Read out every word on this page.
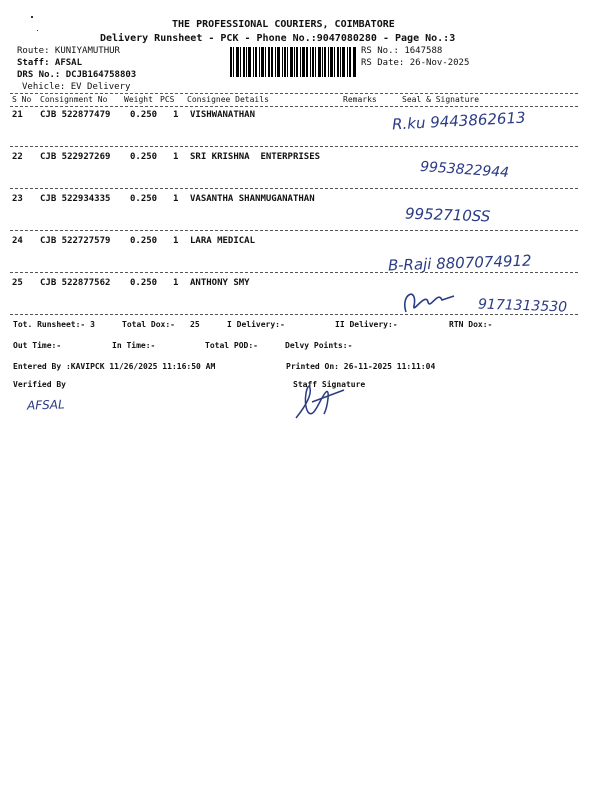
THE PROFESSIONAL COURIERS, COIMBATORE
Delivery Runsheet - PCK - Phone No.:9047080280 - Page No.:3
Route: KUNIYAMUTHUR
Staff: AFSAL
DRS No.: DCJB164758803
Vehicle: EV Delivery
RS No.: 1647588
RS Date: 26-Nov-2025
S No Consignment No Weight PCS Consignee Details	Remarks	Seal & Signature
21 CJB 522877479 0.250 1 VISHWANATHAN	R.ku 9443862613
22 CJB 522927269 0.250 1 SRI KRISHNA  ENTERPRISES
9953822944
23 CJB 522934335 0.250 1 VASANTHA SHANMUGANATHAN
9952710SS
24 CJB 522727579 0.250 1 LARA MEDICAL
B-Raji 8807074912
25 CJB 522877562 0.250 1 ANTHONY SMY
9171313530
Tot. Runsheet:- 3	Total Dox:- 25	I Delivery:-	II Delivery:-	RTN Dox:-
Out Time:-	In Time:-	Total POD:-	Delvy Points:-
Entered By :KAVIPCK 11/26/2025 11:16:50 AM	Printed On: 26-11-2025 11:11:04
Verified By	Staff Signature
AFSAL
